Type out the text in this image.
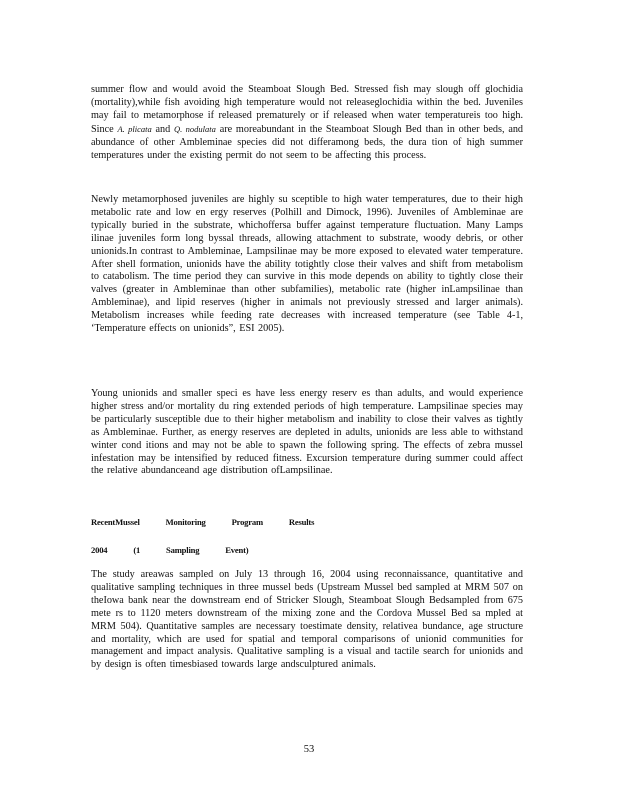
summer flow and would avoid the Steamboat Slough Bed. Stressed fish may slough off glochidia (mortality),while fish avoiding high temperature would not releaseglochidia within the bed. Juveniles may fail to metamorphose if released prematurely or if released when water temperatureis too high. Since A. plicata and Q. nodulata are moreabundant in the Steamboat Slough Bed than in other beds, and abundance of other Ambleminae species did not differamong beds, the dura tion of high summer temperatures under the existing permit do not seem to be affecting this process.

Newly metamorphosed juveniles are highly su sceptible to high water temperatures, due to their high metabolic rate and low en ergy reserves (Polhill and Dimock, 1996). Juveniles of Ambleminae are typically buried in the substrate, whichoffersa buffer against temperature fluctuation. Many Lamps ilinae juveniles form long byssal threads, allowing attachment to substrate, woody debris, or other unionids.In contrast to Ambleminae, Lampsilinae may be more exposed to elevated water temperature. After shell formation, unionids have the ability totightly close their valves and shift from metabolism to catabolism. The time period they can survive in this mode depends on ability to tightly close their valves (greater in Ambleminae than other subfamilies), metabolic rate (higher inLampsilinae than Ambleminae), and lipid reserves (higher in animals not previously stressed and larger animals). Metabolism increases while feeding rate decreases with increased temperature (see Table 4-1, ‘Temperature effects on unionids”, ESI 2005).

Young unionids and smaller speci es have less energy reserv es than adults, and would experience higher stress and/or mortality du ring extended periods of high temperature. Lampsilinae species may be particularly susceptible due to their higher metabolism and inability to close their valves as tightly as Ambleminae. Further, as energy reserves are depleted in adults, unionids are less able to withstand winter cond itions and may not be able to spawn the following spring. The effects of zebra mussel infestation may be intensified by reduced fitness. Excursion temperature during summer could affect the relative abundanceand age distribution ofLampsilinae.

RecentMussel Monitoring Program Results
2004 (1 Sampling Event)

The study areawas sampled on July 13 through 16, 2004 using reconnaissance, quantitative and qualitative sampling techniques in three mussel beds (Upstream Mussel bed sampled at MRM 507 on theIowa bank near the downstream end of Stricker Slough, Steamboat Slough Bedsampled from 675 mete rs to 1120 meters downstream of the mixing zone and the Cordova Mussel Bed sa mpled at MRM 504). Quantitative samples are necessary toestimate density, relativea bundance, age structure and mortality, which are used for spatial and temporal comparisons of unionid communities for management and impact analysis. Qualitative sampling is a visual and tactile search for unionids and by design is often timesbiased towards large andsculptured animals.

53
